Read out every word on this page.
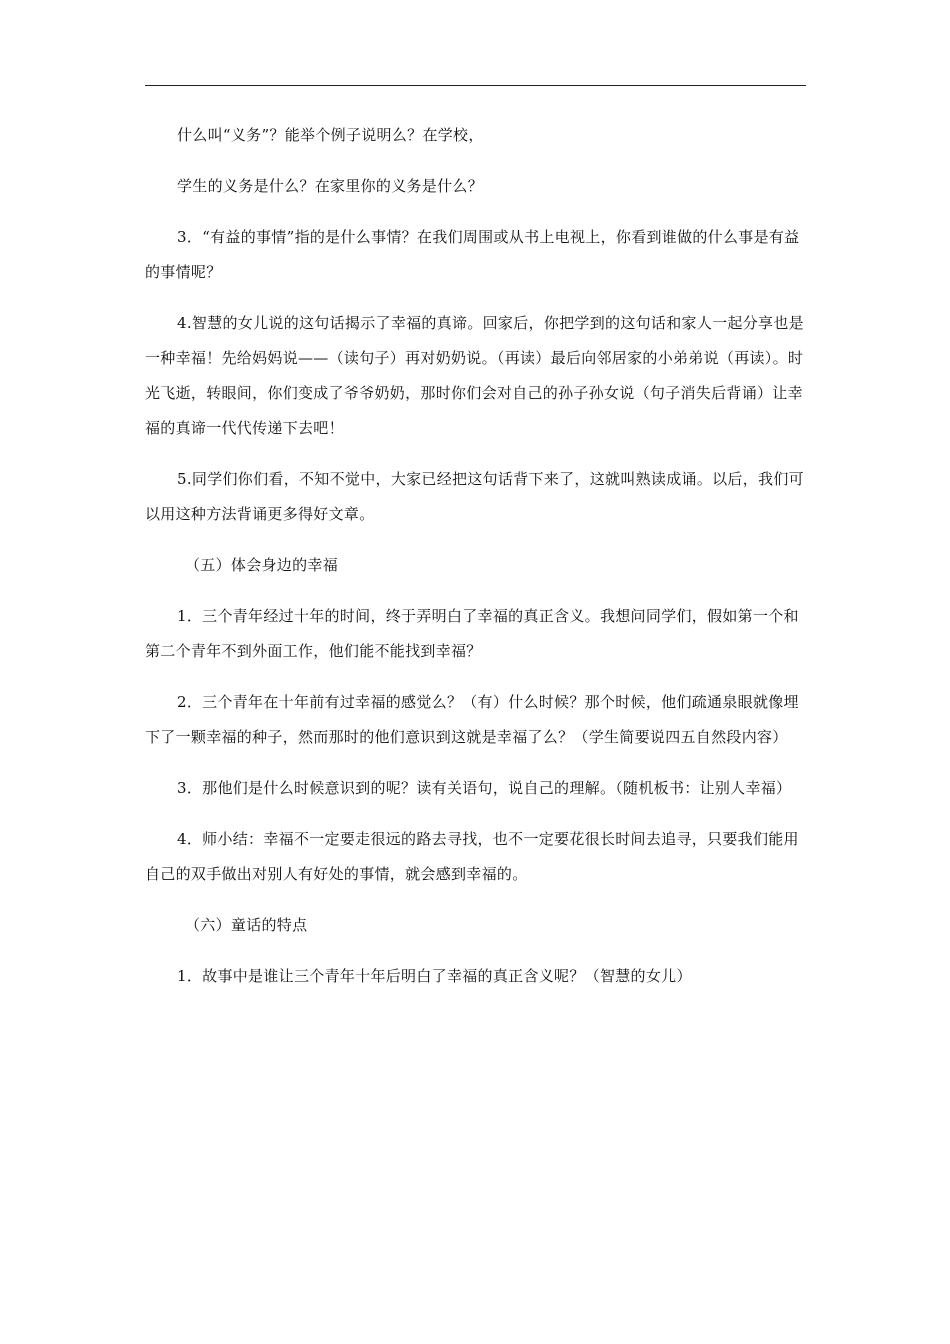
什么叫“义务”？能举个例子说明么？在学校，

学生的义务是什么？在家里你的义务是什么？

3．“有益的事情”指的是什么事情？在我们周围或从书上电视上，你看到谁做的什么事是有益的事情呢？

4.智慧的女儿说的这句话揭示了幸福的真谛。回家后，你把学到的这句话和家人一起分享也是一种幸福！先给妈妈说——（读句子）再对奶奶说。（再读）最后向邻居家的小弟弟说（再读）。时光飞逝，转眼间，你们变成了爷爷奶奶，那时你们会对自己的孙子孙女说（句子消失后背诵）让幸福的真谛一代代传递下去吧！

5.同学们你们看，不知不觉中，大家已经把这句话背下来了，这就叫熟读成诵。以后，我们可以用这种方法背诵更多得好文章。

（五）体会身边的幸福

1．三个青年经过十年的时间，终于弄明白了幸福的真正含义。我想问同学们，假如第一个和第二个青年不到外面工作，他们能不能找到幸福？

2．三个青年在十年前有过幸福的感觉么？（有）什么时候？那个时候，他们疏通泉眼就像埋下了一颗幸福的种子，然而那时的他们意识到这就是幸福了么？（学生简要说四五自然段内容）

3．那他们是什么时候意识到的呢？读有关语句，说自己的理解。（随机板书：让别人幸福）

4．师小结：幸福不一定要走很远的路去寻找，也不一定要花很长时间去追寻，只要我们能用自己的双手做出对别人有好处的事情，就会感到幸福的。

（六）童话的特点

1．故事中是谁让三个青年十年后明白了幸福的真正含义呢？（智慧的女儿）
